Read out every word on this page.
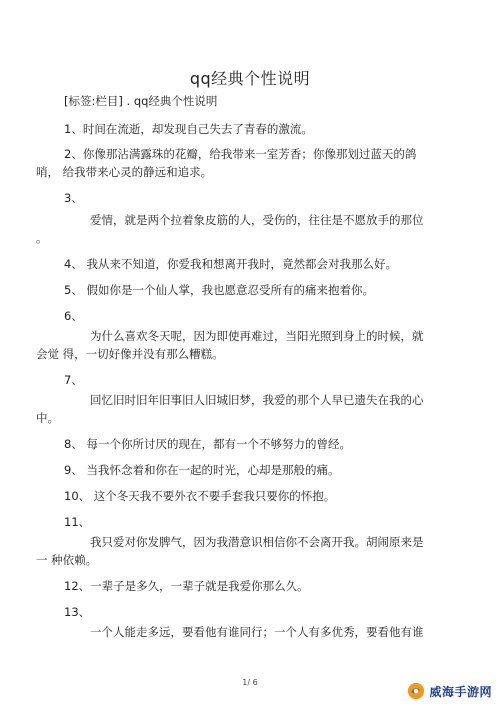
qq经典个性说明
[标签:栏目] . qq经典个性说明
1、时间在流逝，却发现自己失去了青春的激流。
2、你像那沾满露珠的花瓣，给我带来一室芳香；你像那划过蓝天的鸽
哨， 给我带来心灵的静远和追求。
3、
爱情，就是两个拉着象皮筋的人，受伤的，往往是不愿放手的那位
。
4、 我从来不知道，你爱我和想离开我时，竟然都会对我那么好。
5、 假如你是一个仙人掌，我也愿意忍受所有的痛来抱着你。
6、
为什么喜欢冬天呢，因为即使再难过，当阳光照到身上的时候，就
会觉 得，一切好像并没有那么糟糕。
7、
回忆旧时旧年旧事旧人旧城旧梦，我爱的那个人早已遗失在我的心
中。
8、 每一个你所讨厌的现在，都有一个不够努力的曾经。
9、 当我怀念着和你在一起的时光，心却是那般的痛。
10、 这个冬天我不要外衣不要手套我只要你的怀抱。
11、
我只爱对你发脾气，因为我潜意识相信你不会离开我。胡闹原来是
一 种依赖。
12、一辈子是多久，一辈子就是我爱你那么久。
13、
一个人能走多远，要看他有谁同行；一个人有多优秀，要看他有谁
1/ 6
威海手游网
